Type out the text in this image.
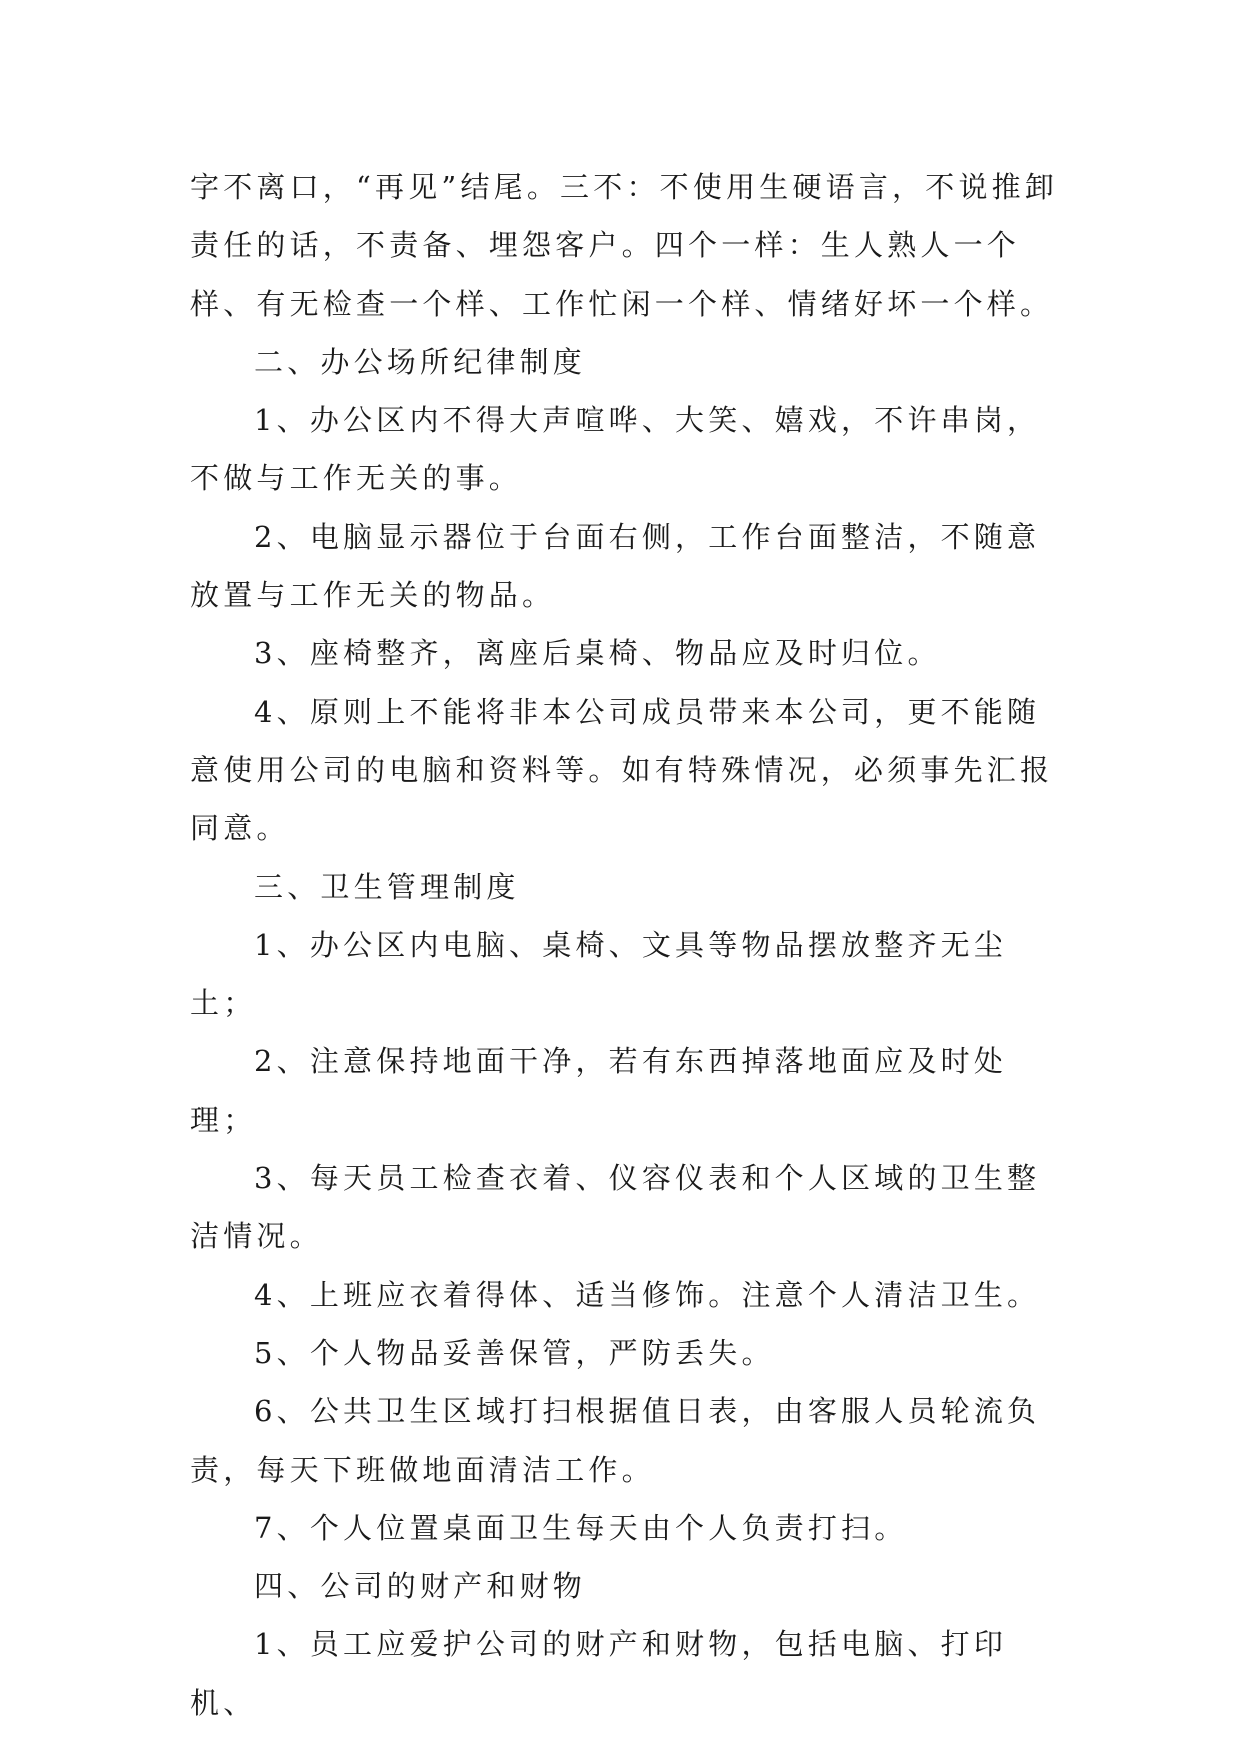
字不离口，“再见”结尾。三不：不使用生硬语言，不说推卸责任的话，不责备、埋怨客户。四个一样：生人熟人一个样、有无检查一个样、工作忙闲一个样、情绪好坏一个样。

二、办公场所纪律制度

1、办公区内不得大声喧哗、大笑、嬉戏，不许串岗，不做与工作无关的事。

2、电脑显示器位于台面右侧，工作台面整洁，不随意放置与工作无关的物品。

3、座椅整齐，离座后桌椅、物品应及时归位。

4、原则上不能将非本公司成员带来本公司，更不能随意使用公司的电脑和资料等。如有特殊情况，必须事先汇报同意。

三、卫生管理制度

1、办公区内电脑、桌椅、文具等物品摆放整齐无尘土；

2、注意保持地面干净，若有东西掉落地面应及时处理；

3、每天员工检查衣着、仪容仪表和个人区域的卫生整洁情况。

4、上班应衣着得体、适当修饰。注意个人清洁卫生。

5、个人物品妥善保管，严防丢失。

6、公共卫生区域打扫根据值日表，由客服人员轮流负责，每天下班做地面清洁工作。

7、个人位置桌面卫生每天由个人负责打扫。

四、公司的财产和财物

1、员工应爱护公司的财产和财物，包括电脑、打印机、
